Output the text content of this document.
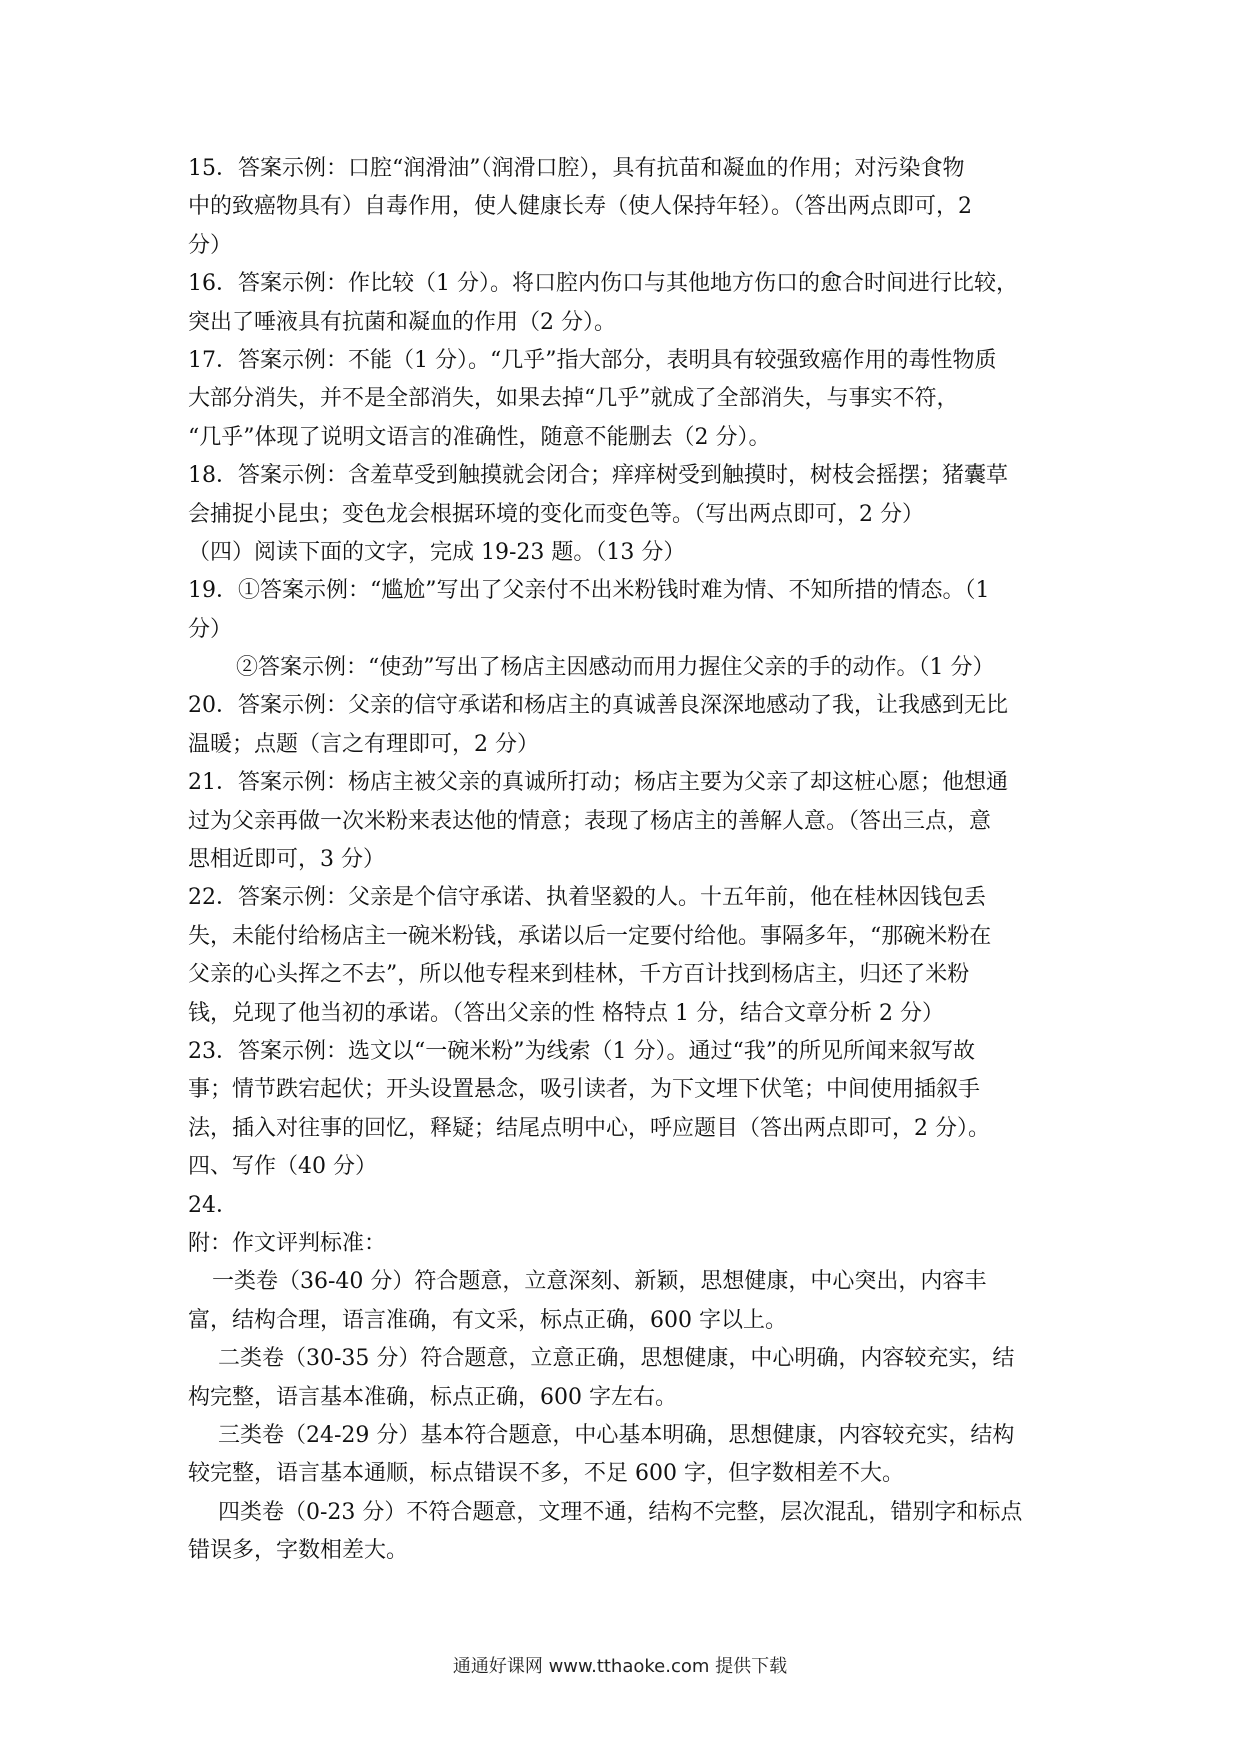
15．答案示例：口腔“润滑油”（润滑口腔），具有抗苗和凝血的作用；对污染食物
中的致癌物具有）自毒作用，使人健康长寿（使人保持年轻）。（答出两点即可，2
分）
16．答案示例：作比较（1 分）。将口腔内伤口与其他地方伤口的愈合时间进行比较，
突出了唾液具有抗菌和凝血的作用（2 分）。
17．答案示例：不能（1 分）。“几乎”指大部分，表明具有较强致癌作用的毒性物质
大部分消失，并不是全部消失，如果去掉“几乎”就成了全部消失，与事实不符，
“几乎”体现了说明文语言的准确性，随意不能删去（2 分）。
18．答案示例：含羞草受到触摸就会闭合；痒痒树受到触摸时，树枝会摇摆；猪囊草
会捕捉小昆虫；变色龙会根据环境的变化而变色等。（写出两点即可，2 分）
（四）阅读下面的文字，完成 19-23 题。（13 分）
19．①答案示例：“尴尬”写出了父亲付不出米粉钱时难为情、不知所措的情态。（1
分）
②答案示例：“使劲”写出了杨店主因感动而用力握住父亲的手的动作。（1 分）
20．答案示例：父亲的信守承诺和杨店主的真诚善良深深地感动了我，让我感到无比
温暖；点题（言之有理即可，2 分）
21．答案示例：杨店主被父亲的真诚所打动；杨店主要为父亲了却这桩心愿；他想通
过为父亲再做一次米粉来表达他的情意；表现了杨店主的善解人意。（答出三点，意
思相近即可，3 分）
22．答案示例：父亲是个信守承诺、执着坚毅的人。十五年前，他在桂林因钱包丢
失，未能付给杨店主一碗米粉钱，承诺以后一定要付给他。事隔多年，“那碗米粉在
父亲的心头挥之不去”，所以他专程来到桂林，千方百计找到杨店主，归还了米粉
钱，兑现了他当初的承诺。（答出父亲的性 格特点 1 分，结合文章分析 2 分）
23．答案示例：选文以“一碗米粉”为线索（1 分）。通过“我”的所见所闻来叙写故
事；情节跌宕起伏；开头设置悬念，吸引读者，为下文埋下伏笔；中间使用插叙手
法，插入对往事的回忆，释疑；结尾点明中心，呼应题目（答出两点即可，2 分）。
四、写作（40 分）
24．
附：作文评判标准：
一类卷（36-40 分）符合题意，立意深刻、新颖，思想健康，中心突出，内容丰
富，结构合理，语言准确，有文采，标点正确，600 字以上。
二类卷（30-35 分）符合题意，立意正确，思想健康，中心明确，内容较充实，结
构完整，语言基本准确，标点正确，600 字左右。
三类卷（24-29 分）基本符合题意，中心基本明确，思想健康，内容较充实，结构
较完整，语言基本通顺，标点错误不多，不足 600 字，但字数相差不大。
四类卷（0-23 分）不符合题意，文理不通，结构不完整，层次混乱，错别字和标点
错误多，字数相差大。
通通好课网 www.tthaoke.com 提供下载
